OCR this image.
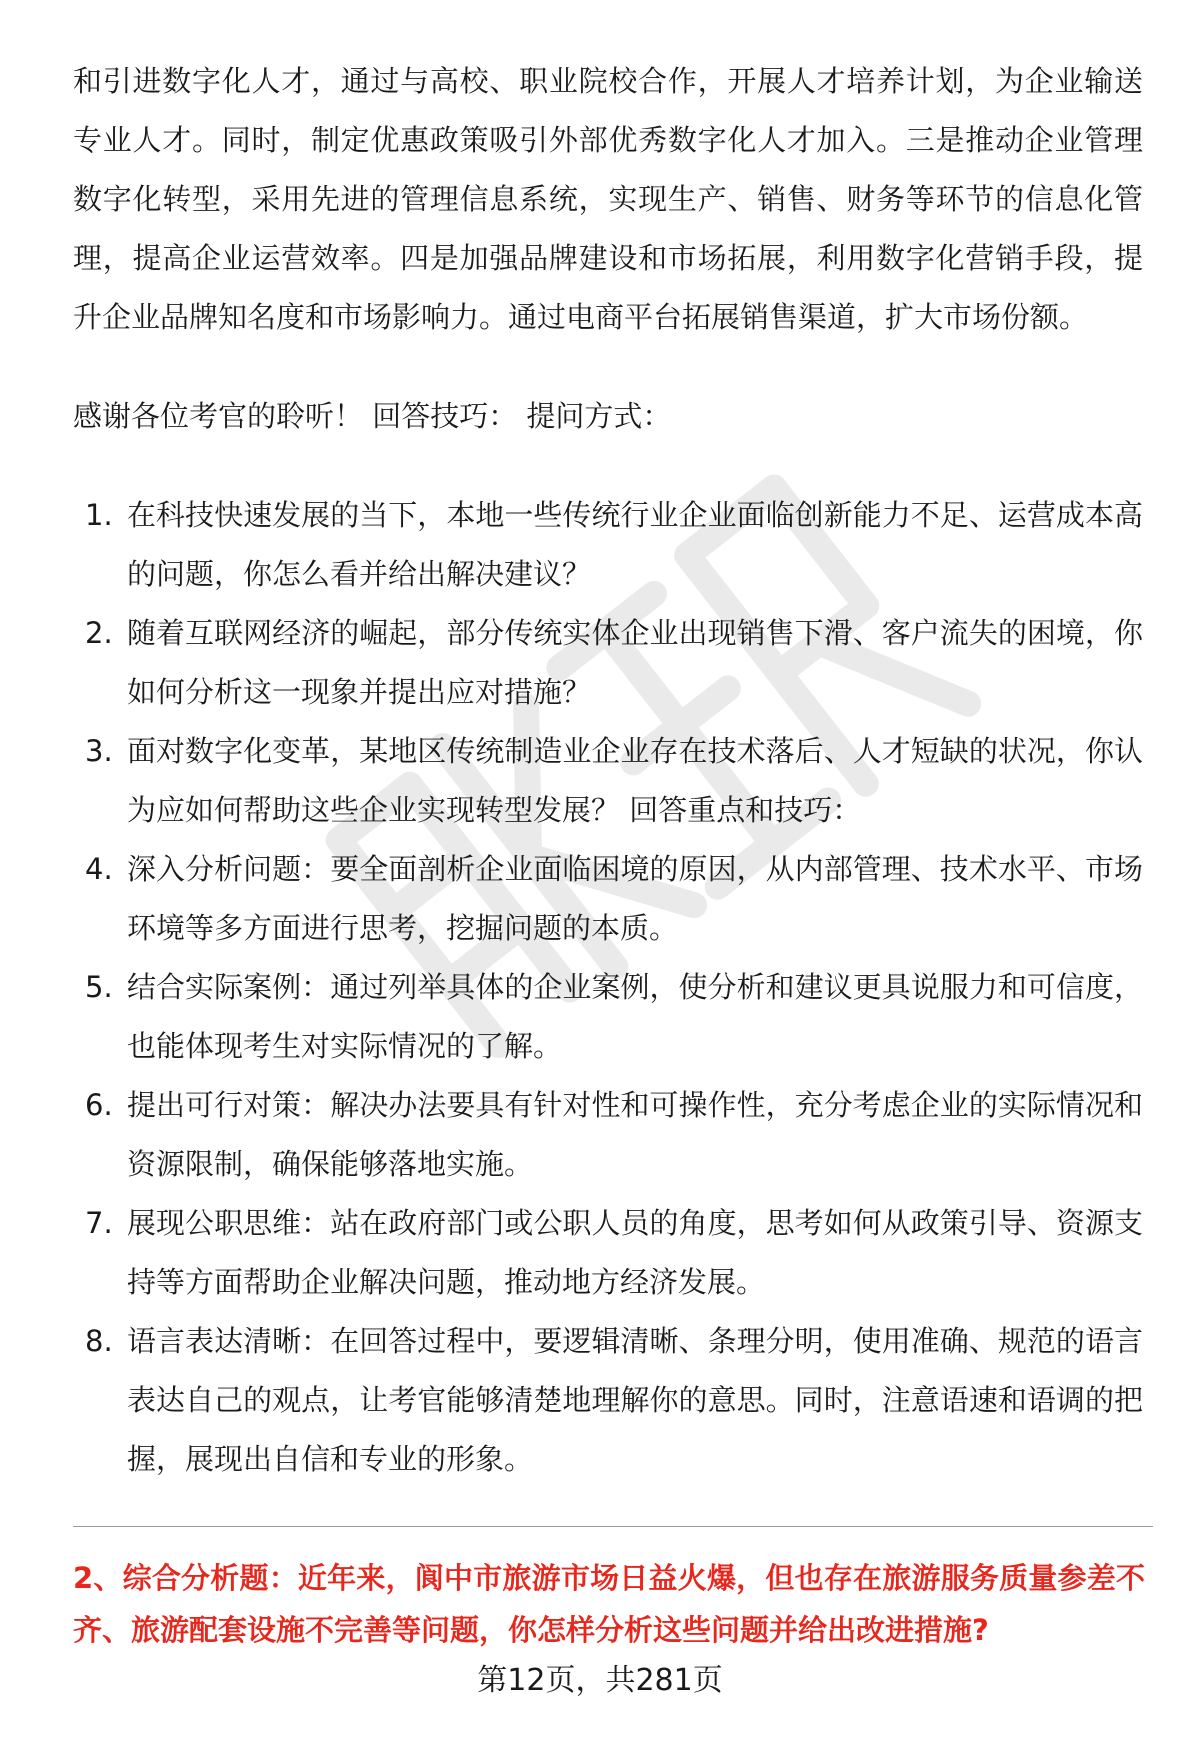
和引进数字化人才，通过与高校、职业院校合作，开展人才培养计划，为企业输送专业人才。同时，制定优惠政策吸引外部优秀数字化人才加入。三是推动企业管理数字化转型，采用先进的管理信息系统，实现生产、销售、财务等环节的信息化管理，提高企业运营效率。四是加强品牌建设和市场拓展，利用数字化营销手段，提升企业品牌知名度和市场影响力。通过电商平台拓展销售渠道，扩大市场份额。

感谢各位考官的聆听！ 回答技巧： 提问方式：

1. 在科技快速发展的当下，本地一些传统行业企业面临创新能力不足、运营成本高的问题，你怎么看并给出解决建议？
2. 随着互联网经济的崛起，部分传统实体企业出现销售下滑、客户流失的困境，你如何分析这一现象并提出应对措施？
3. 面对数字化变革，某地区传统制造业企业存在技术落后、人才短缺的状况，你认为应如何帮助这些企业实现转型发展？ 回答重点和技巧：
4. 深入分析问题：要全面剖析企业面临困境的原因，从内部管理、技术水平、市场环境等多方面进行思考，挖掘问题的本质。
5. 结合实际案例：通过列举具体的企业案例，使分析和建议更具说服力和可信度，也能体现考生对实际情况的了解。
6. 提出可行对策：解决办法要具有针对性和可操作性，充分考虑企业的实际情况和资源限制，确保能够落地实施。
7. 展现公职思维：站在政府部门或公职人员的角度，思考如何从政策引导、资源支持等方面帮助企业解决问题，推动地方经济发展。
8. 语言表达清晰：在回答过程中，要逻辑清晰、条理分明，使用准确、规范的语言表达自己的观点，让考官能够清楚地理解你的意思。同时，注意语速和语调的把握，展现出自信和专业的形象。

2、综合分析题：近年来，阆中市旅游市场日益火爆，但也存在旅游服务质量参差不齐、旅游配套设施不完善等问题，你怎样分析这些问题并给出改进措施?

第12页，共281页
